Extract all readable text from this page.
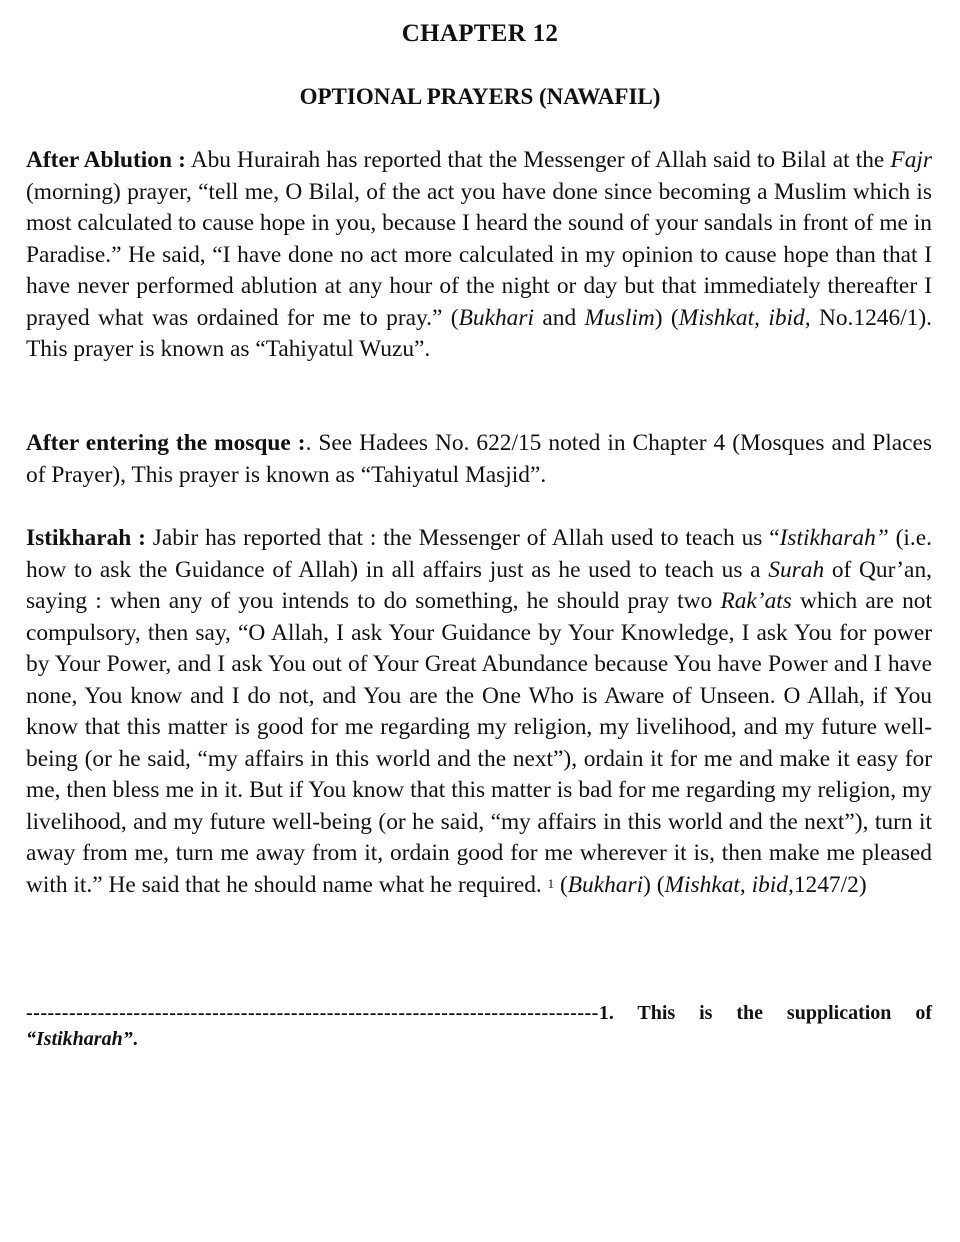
CHAPTER 12
OPTIONAL PRAYERS (NAWAFIL)

After Ablution : Abu Hurairah has reported that the Messenger of Allah said to Bilal at the Fajr (morning) prayer, “tell me, O Bilal, of the act you have done since becoming a Muslim which is most calculated to cause hope in you, because I heard the sound of your sandals in front of me in Paradise.” He said, “I have done no act more calculated in my opinion to cause hope than that I have never performed ablution at any hour of the night or day but that immediately thereafter I prayed what was ordained for me to pray.” (Bukhari and Muslim) (Mishkat, ibid, No.1246/1). This prayer is known as “Tahiyatul Wuzu”.

After entering the mosque :. See Hadees No. 622/15 noted in Chapter 4 (Mosques and Places of Prayer), This prayer is known as “Tahiyatul Masjid”.

Istikharah : Jabir has reported that : the Messenger of Allah used to teach us “Istikharah” (i.e. how to ask the Guidance of Allah) in all affairs just as he used to teach us a Surah of Qur’an, saying : when any of you intends to do something, he should pray two Rak’ats which are not compulsory, then say, “O Allah, I ask Your Guidance by Your Knowledge, I ask You for power by Your Power, and I ask You out of Your Great Abundance because You have Power and I have none, You know and I do not, and You are the One Who is Aware of Unseen. O Allah, if You know that this matter is good for me regarding my religion, my livelihood, and my future well-being (or he said, “my affairs in this world and the next”), ordain it for me and make it easy for me, then bless me in it. But if You know that this matter is bad for me regarding my religion, my livelihood, and my future well-being (or he said, “my affairs in this world and the next”), turn it away from me, turn me away from it, ordain good for me wherever it is, then make me pleased with it.” He said that he should name what he required. $^1$ (Bukhari) (Mishkat, ibid,1247/2)

--------------------------------------------------------------------------------1. This is the supplication of “Istikharah”.
